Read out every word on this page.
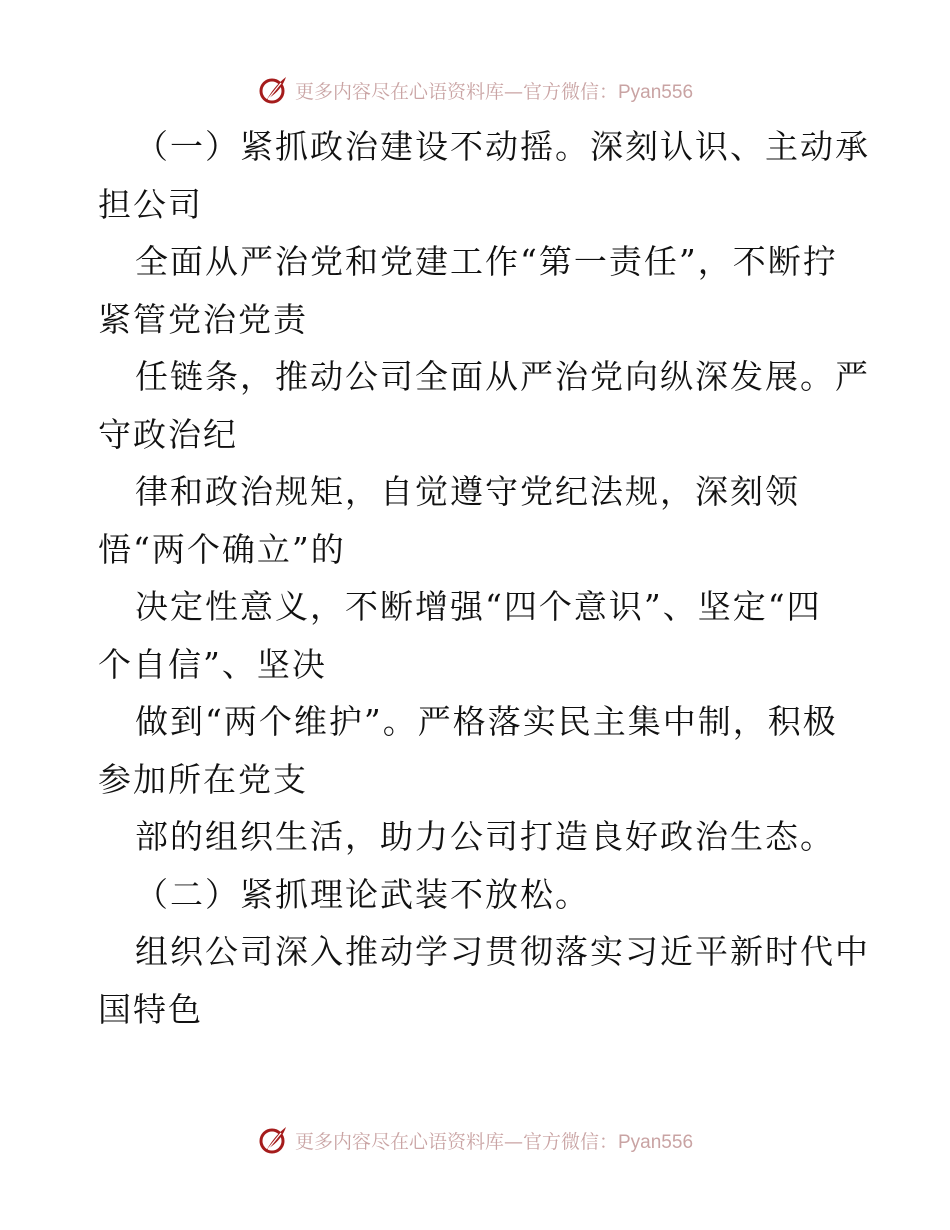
更多内容尽在心语资料库—官方微信：Pyan556
（一）紧抓政治建设不动摇。深刻认识、主动承
担公司
全面从严治党和党建工作“第一责任”，不断拧
紧管党治党责
任链条，推动公司全面从严治党向纵深发展。严
守政治纪
律和政治规矩，自觉遵守党纪法规，深刻领
悟“两个确立”的
决定性意义，不断增强“四个意识”、坚定“四
个自信”、坚决
做到“两个维护”。严格落实民主集中制，积极
参加所在党支
部的组织生活，助力公司打造良好政治生态。
（二）紧抓理论武装不放松。
组织公司深入推动学习贯彻落实习近平新时代中
国特色
更多内容尽在心语资料库—官方微信：Pyan556
